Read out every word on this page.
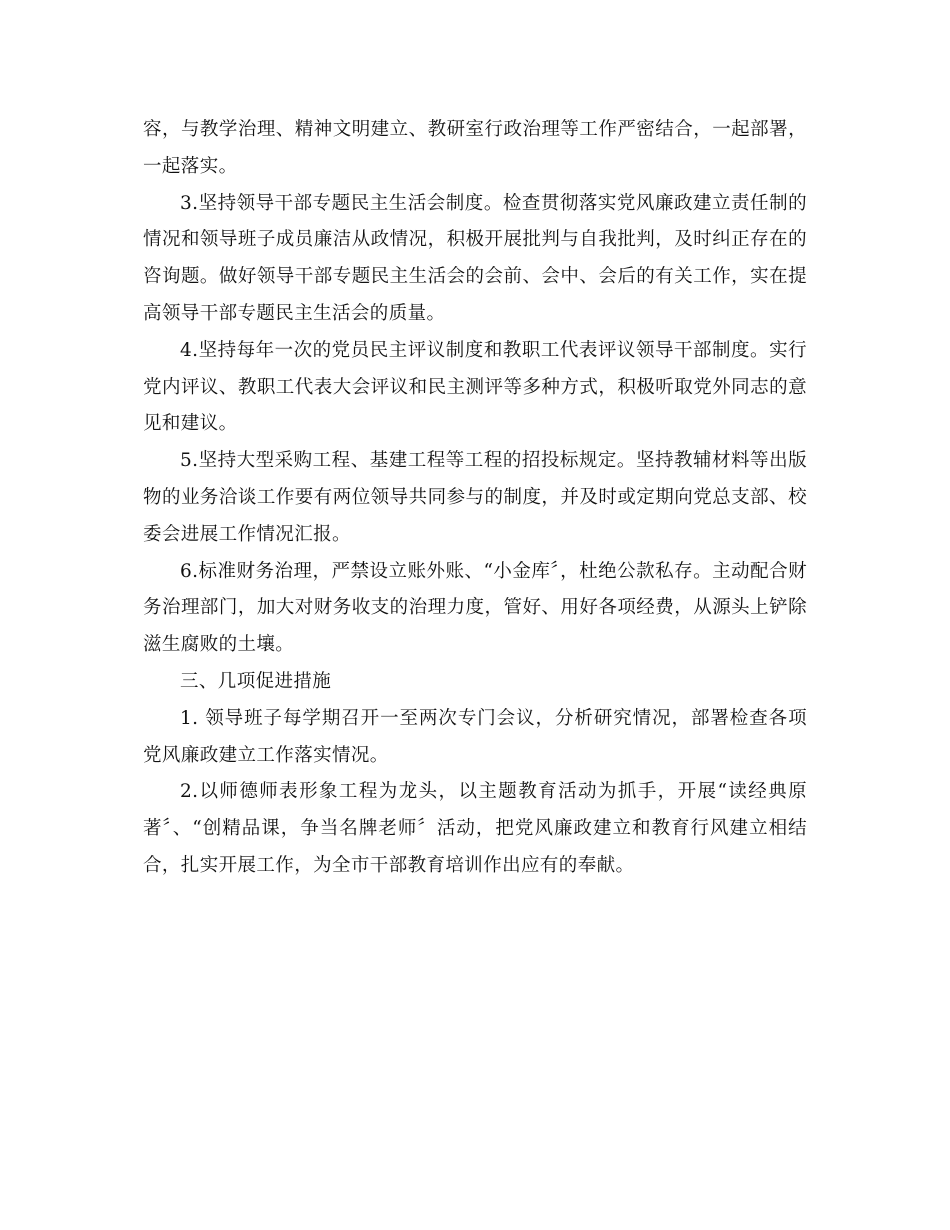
容，与教学治理、精神文明建立、教研室行政治理等工作严密结合，一起部署，一起落实。

3.坚持领导干部专题民主生活会制度。检查贯彻落实党风廉政建立责任制的情况和领导班子成员廉洁从政情况，积极开展批判与自我批判，及时纠正存在的咨询题。做好领导干部专题民主生活会的会前、会中、会后的有关工作，实在提高领导干部专题民主生活会的质量。

4.坚持每年一次的党员民主评议制度和教职工代表评议领导干部制度。实行党内评议、教职工代表大会评议和民主测评等多种方式，积极听取党外同志的意见和建议。

5.坚持大型采购工程、基建工程等工程的招投标规定。坚持教辅材料等出版物的业务洽谈工作要有两位领导共同参与的制度，并及时或定期向党总支部、校委会进展工作情况汇报。

6.标准财务治理，严禁设立账外账、“小金库〞，杜绝公款私存。主动配合财务治理部门，加大对财务收支的治理力度，管好、用好各项经费，从源头上铲除滋生腐败的土壤。

三、几项促进措施

1. 领导班子每学期召开一至两次专门会议，分析研究情况，部署检查各项党风廉政建立工作落实情况。

2.以师德师表形象工程为龙头，以主题教育活动为抓手，开展“读经典原著〞、“创精品课，争当名牌老师〞活动，把党风廉政建立和教育行风建立相结合，扎实开展工作，为全市干部教育培训作出应有的奉献。
